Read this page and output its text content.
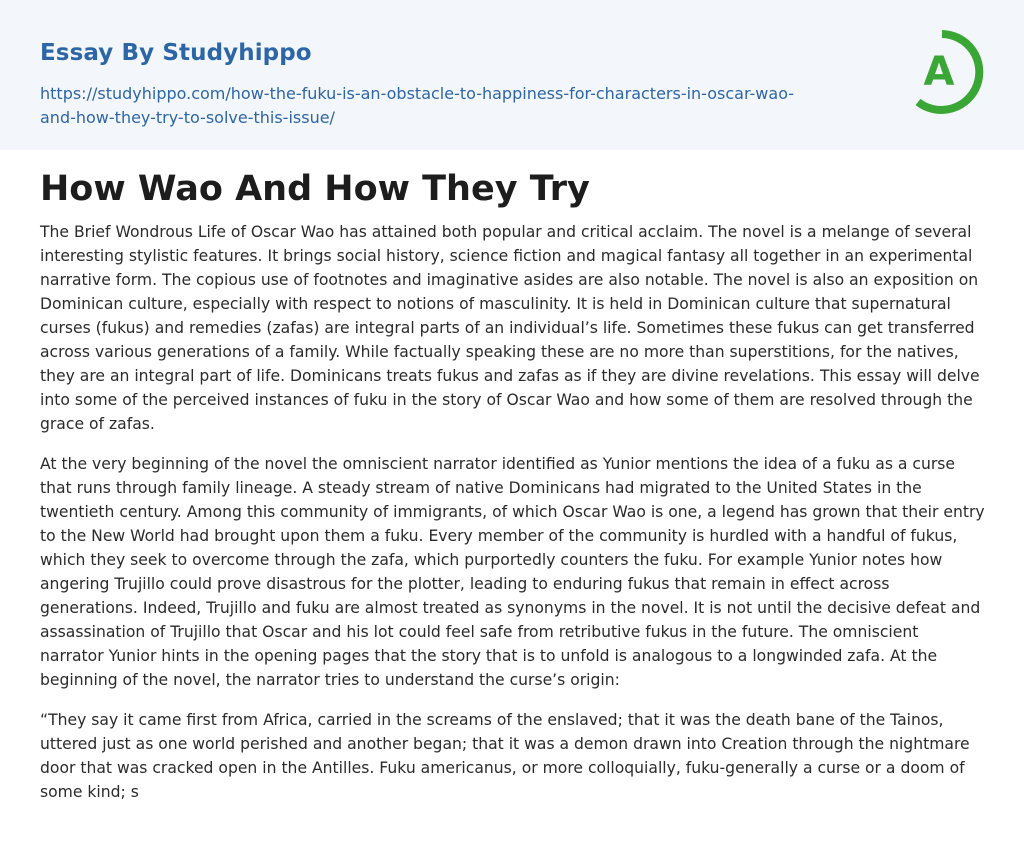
Essay By Studyhippo
https://studyhippo.com/how-the-fuku-is-an-obstacle-to-happiness-for-characters-in-oscar-wao-and-how-they-try-to-solve-this-issue/
A
How Wao And How They Try

The Brief Wondrous Life of Oscar Wao has attained both popular and critical acclaim. The novel is a melange of several interesting stylistic features. It brings social history, science fiction and magical fantasy all together in an experimental narrative form. The copious use of footnotes and imaginative asides are also notable. The novel is also an exposition on Dominican culture, especially with respect to notions of masculinity. It is held in Dominican culture that supernatural curses (fukus) and remedies (zafas) are integral parts of an individual’s life. Sometimes these fukus can get transferred across various generations of a family. While factually speaking these are no more than superstitions, for the natives, they are an integral part of life. Dominicans treats fukus and zafas as if they are divine revelations. This essay will delve into some of the perceived instances of fuku in the story of Oscar Wao and how some of them are resolved through the grace of zafas.

At the very beginning of the novel the omniscient narrator identified as Yunior mentions the idea of a fuku as a curse that runs through family lineage. A steady stream of native Dominicans had migrated to the United States in the twentieth century. Among this community of immigrants, of which Oscar Wao is one, a legend has grown that their entry to the New World had brought upon them a fuku. Every member of the community is hurdled with a handful of fukus, which they seek to overcome through the zafa, which purportedly counters the fuku. For example Yunior notes how angering Trujillo could prove disastrous for the plotter, leading to enduring fukus that remain in effect across generations. Indeed, Trujillo and fuku are almost treated as synonyms in the novel. It is not until the decisive defeat and assassination of Trujillo that Oscar and his lot could feel safe from retributive fukus in the future. The omniscient narrator Yunior hints in the opening pages that the story that is to unfold is analogous to a longwinded zafa. At the beginning of the novel, the narrator tries to understand the curse’s origin:

“They say it came first from Africa, carried in the screams of the enslaved; that it was the death bane of the Tainos, uttered just as one world perished and another began; that it was a demon drawn into Creation through the nightmare door that was cracked open in the Antilles. Fuku americanus, or more colloquially, fuku-generally a curse or a doom of some kind; s
